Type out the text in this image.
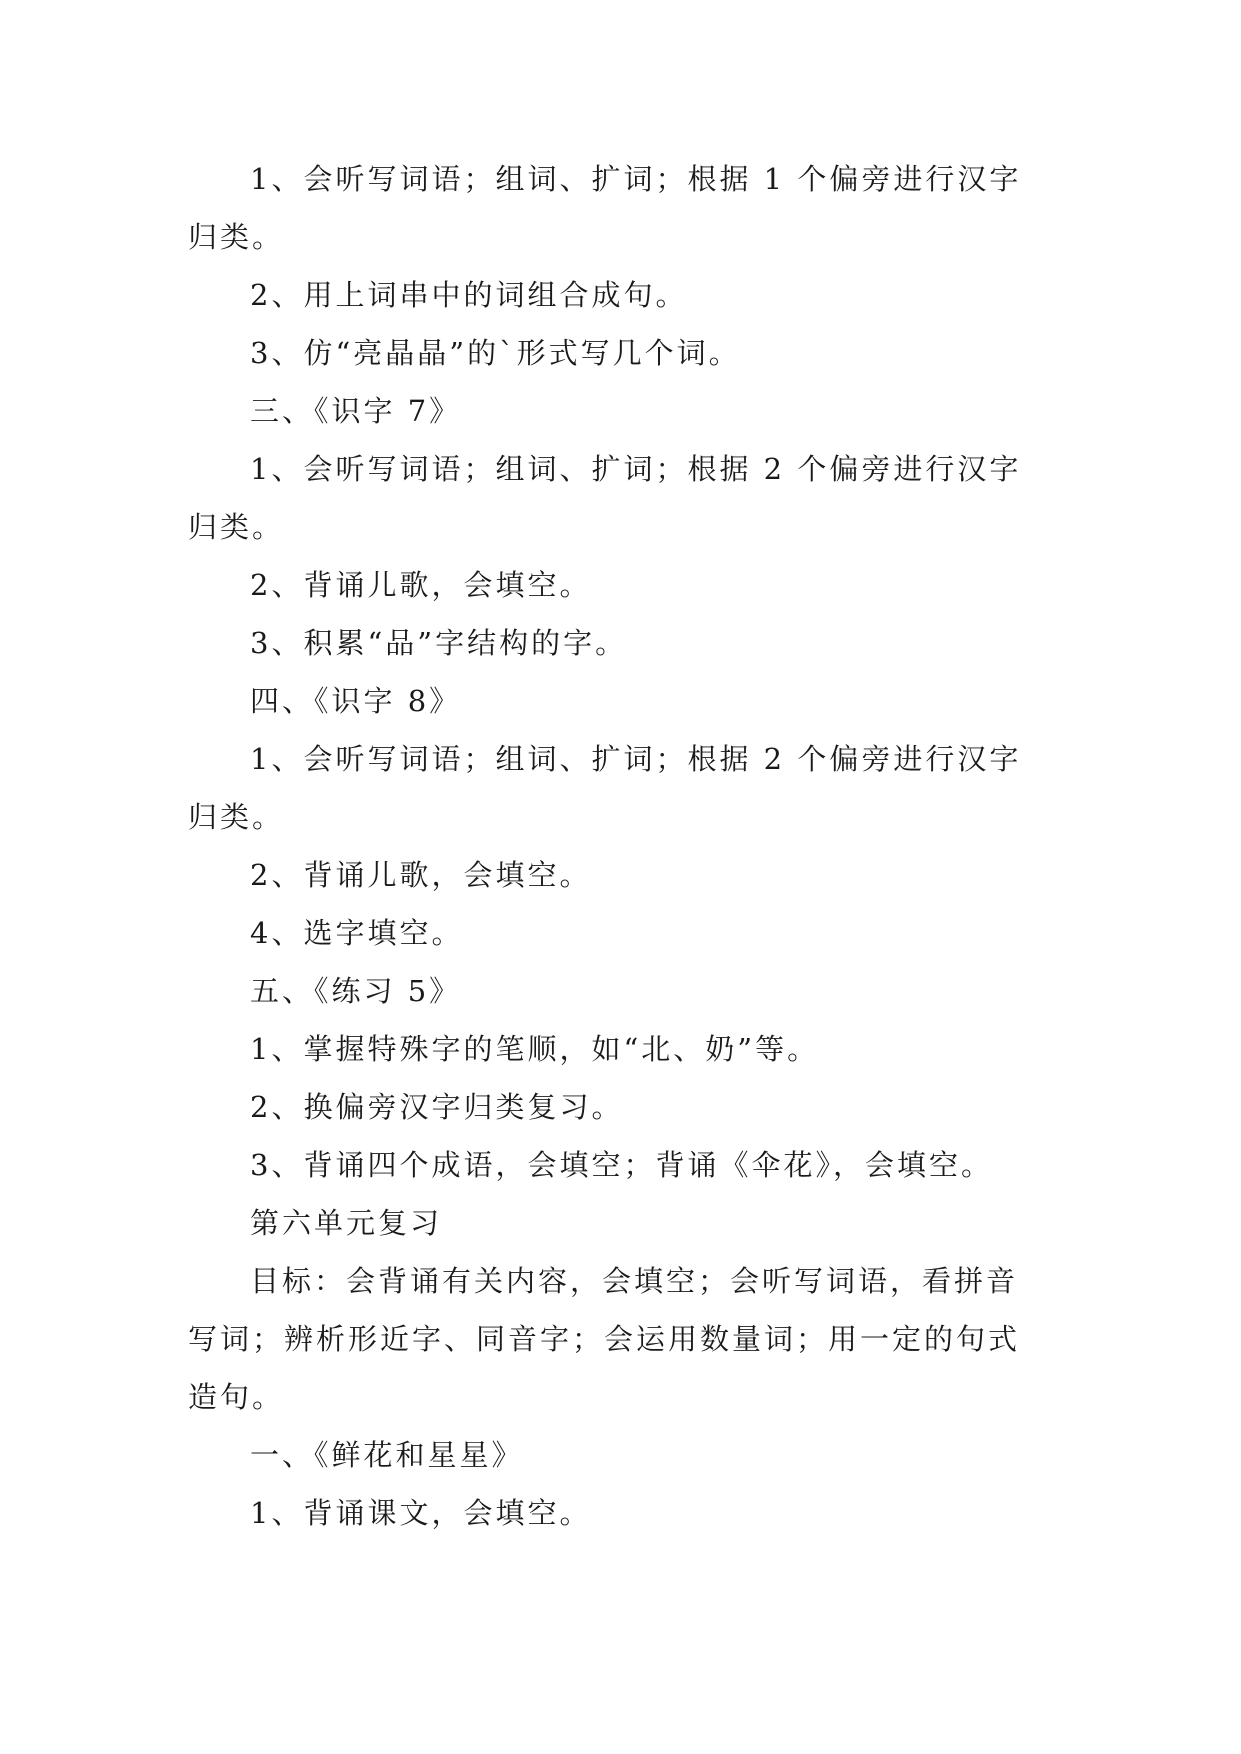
1、会听写词语；组词、扩词；根据 1 个偏旁进行汉字归类。

2、用上词串中的词组合成句。

3、仿“亮晶晶”的`形式写几个词。

三、《识字 7》

1、会听写词语；组词、扩词；根据 2 个偏旁进行汉字归类。

2、背诵儿歌，会填空。

3、积累“品”字结构的字。

四、《识字 8》

1、会听写词语；组词、扩词；根据 2 个偏旁进行汉字归类。

2、背诵儿歌，会填空。

4、选字填空。

五、《练习 5》

1、掌握特殊字的笔顺，如“北、奶”等。

2、换偏旁汉字归类复习。

3、背诵四个成语，会填空；背诵《伞花》，会填空。

第六单元复习

目标：会背诵有关内容，会填空；会听写词语，看拼音写词；辨析形近字、同音字；会运用数量词；用一定的句式造句。

一、《鲜花和星星》

1、背诵课文，会填空。
